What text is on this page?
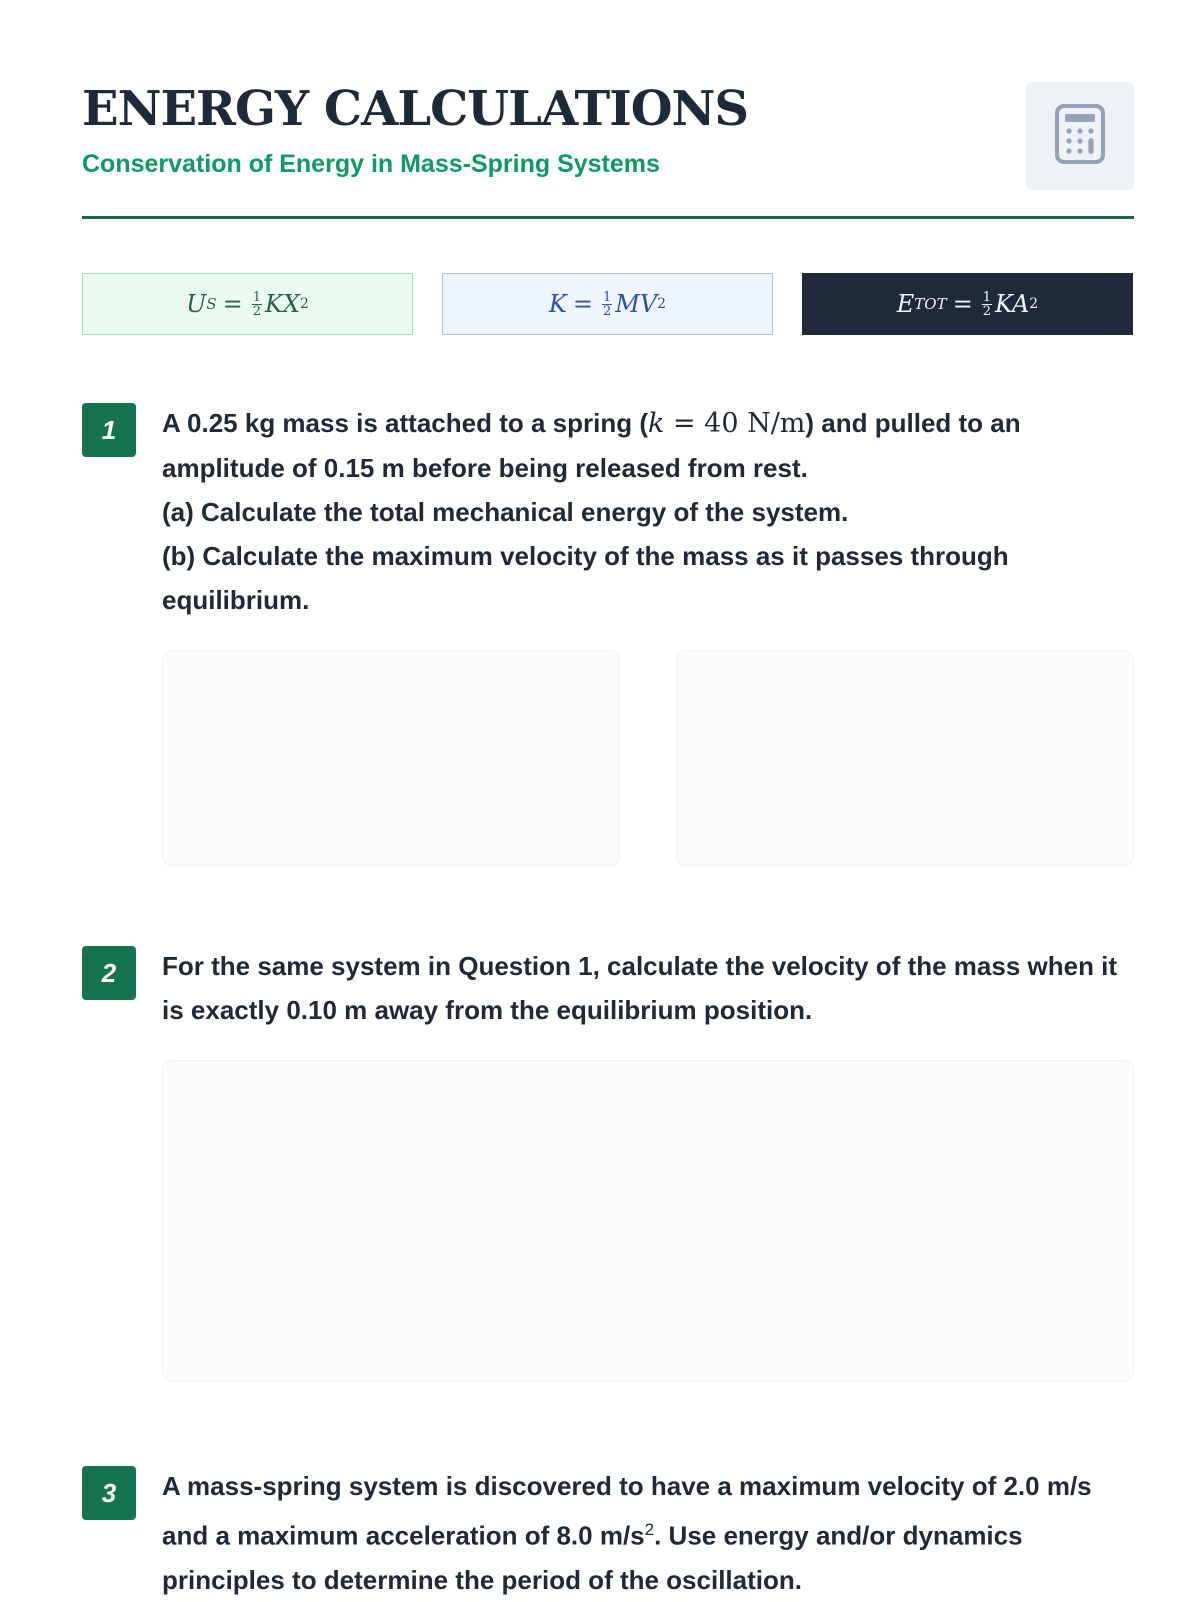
ENERGY CALCULATIONS
Conservation of Energy in Mass-Spring Systems
U $S = \frac{1}{2}$ KX 2	$K = \frac{1}{2}$ MV 2	E TOT = $\frac{1}{2}$ KA 2
1	A 0.25 kg mass is attached to a spring (k = 40 N/m) and pulled to an amplitude of 0.15 m before being released from rest.

(a) Calculate the total mechanical energy of the system.

(b) Calculate the maximum velocity of the mass as it passes through equilibrium.

2	For the same system in Question 1, calculate the velocity of the mass when it is exactly 0.10 m away from the equilibrium position.

3	A mass-spring system is discovered to have a maximum velocity of 2.0 m/s and a maximum acceleration of 8.0 $m/s^2$. Use energy and/or dynamics principles to determine the period of the oscillation.
